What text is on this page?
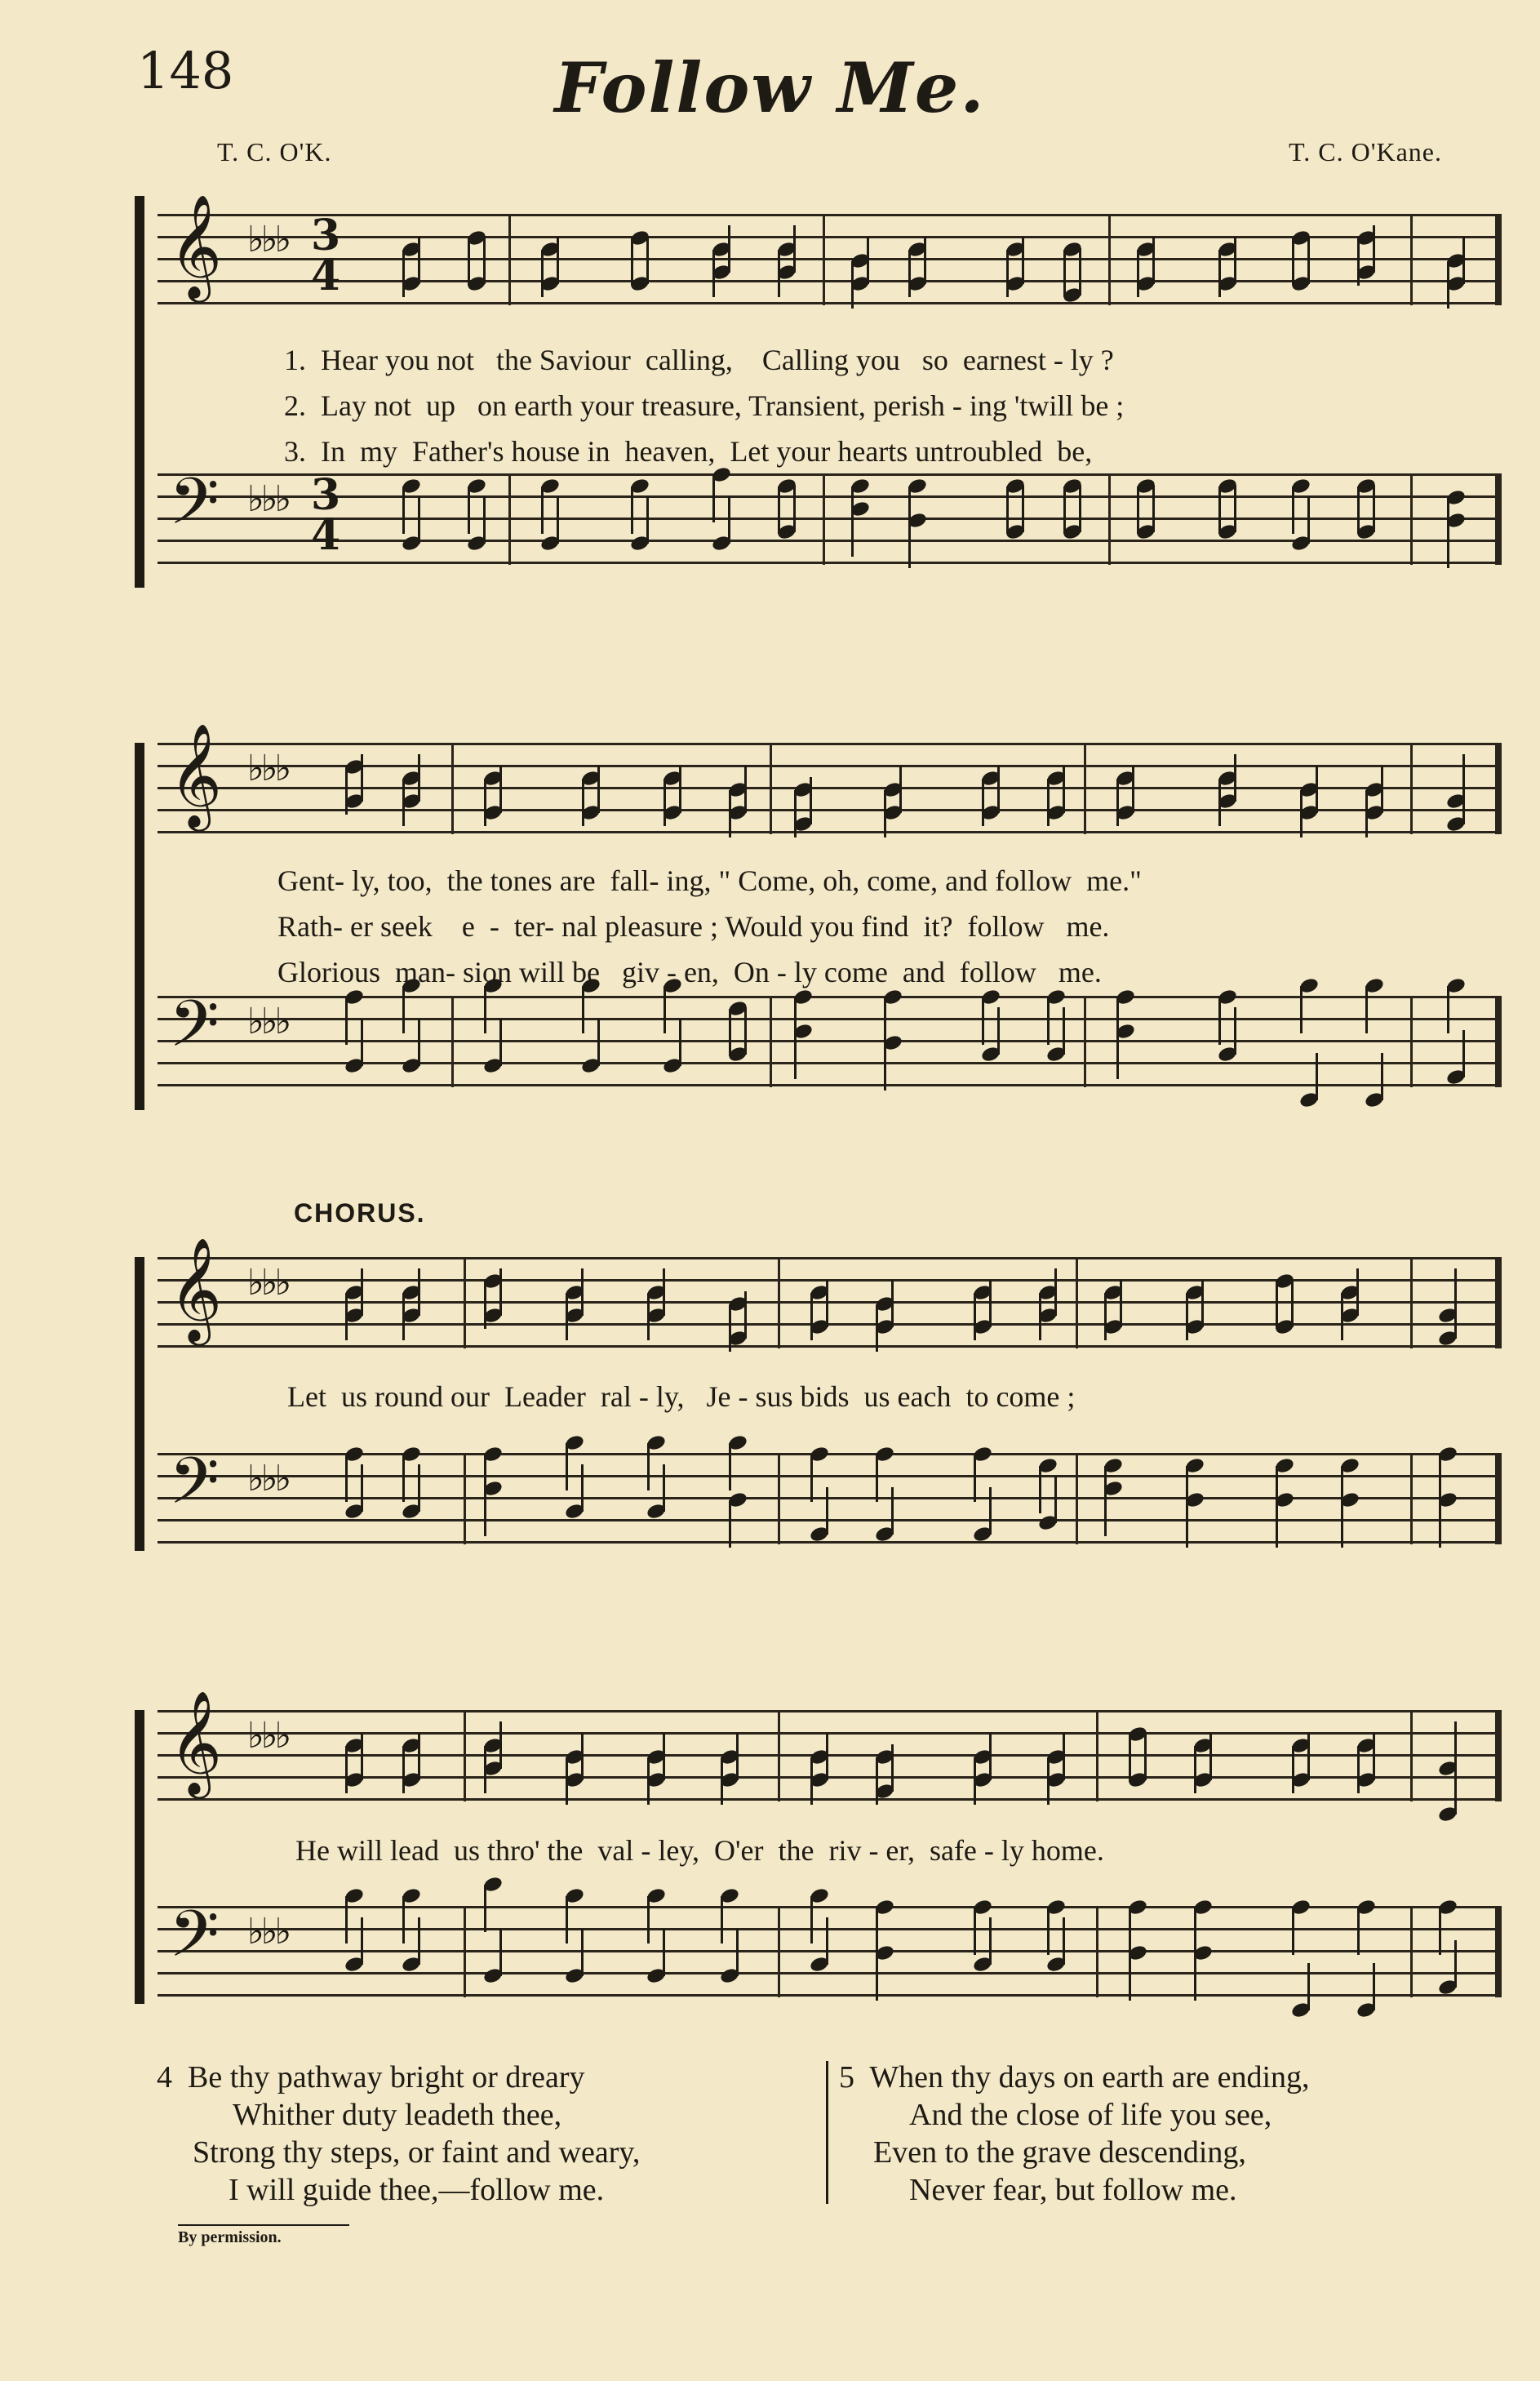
148	Follow Me.
T. C. O'K.	T. C. O'Kane.
𝄞 ♭♭♭ 3
4
𝄢 ♭♭♭ 3
4
1.  Hear you not   the Saviour  calling,    Calling you   so  earnest - ly ?
2.  Lay not  up   on earth your treasure, Transient, perish - ing 'twill be ;
3.  In  my  Father's house in  heaven,  Let your hearts untroubled  be,
𝄞 ♭♭♭
𝄢 ♭♭♭
Gent- ly, too,  the tones are  fall- ing, " Come, oh, come, and follow  me."
Rath- er seek    e  -  ter- nal pleasure ; Would you find  it?  follow   me.
Glorious  man- sion will be   giv - en,  On - ly come  and  follow   me.
CHORUS.
𝄞 ♭♭♭
𝄢 ♭♭♭
Let  us round our  Leader  ral - ly,   Je - sus bids  us each  to come ;
𝄞 ♭♭♭
𝄢 ♭♭♭
He will lead  us thro' the  val - ley,  O'er  the  riv - er,  safe - ly home.
4  Be thy pathway bright or dreary
Whither duty leadeth thee,
Strong thy steps, or faint and weary,
I will guide thee,—follow me.
5  When thy days on earth are ending,
And the close of life you see,
Even to the grave descending,
Never fear, but follow me.
By permission.
